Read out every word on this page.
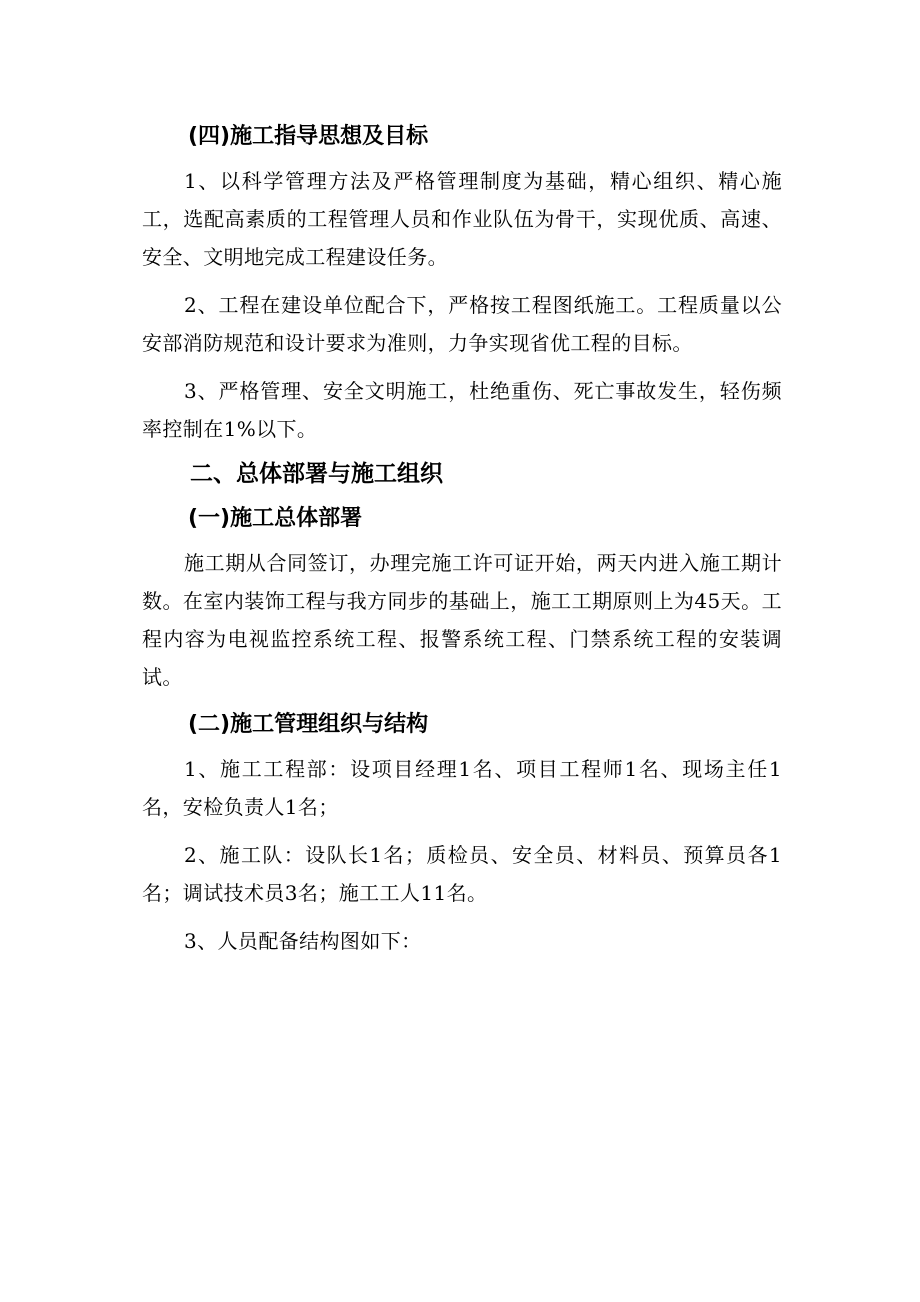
(四)施工指导思想及目标

1、以科学管理方法及严格管理制度为基础，精心组织、精心施工，选配高素质的工程管理人员和作业队伍为骨干，实现优质、高速、安全、文明地完成工程建设任务。

2、工程在建设单位配合下，严格按工程图纸施工。工程质量以公安部消防规范和设计要求为准则，力争实现省优工程的目标。

3、严格管理、安全文明施工，杜绝重伤、死亡事故发生，轻伤频率控制在1%以下。

二、总体部署与施工组织
(一)施工总体部署

施工期从合同签订，办理完施工许可证开始，两天内进入施工期计数。在室内装饰工程与我方同步的基础上，施工工期原则上为45天。工程内容为电视监控系统工程、报警系统工程、门禁系统工程的安装调试。

(二)施工管理组织与结构

1、施工工程部：设项目经理1名、项目工程师1名、现场主任1名，安检负责人1名；

2、施工队：设队长1名；质检员、安全员、材料员、预算员各1名；调试技术员3名；施工工人11名。

3、人员配备结构图如下：
